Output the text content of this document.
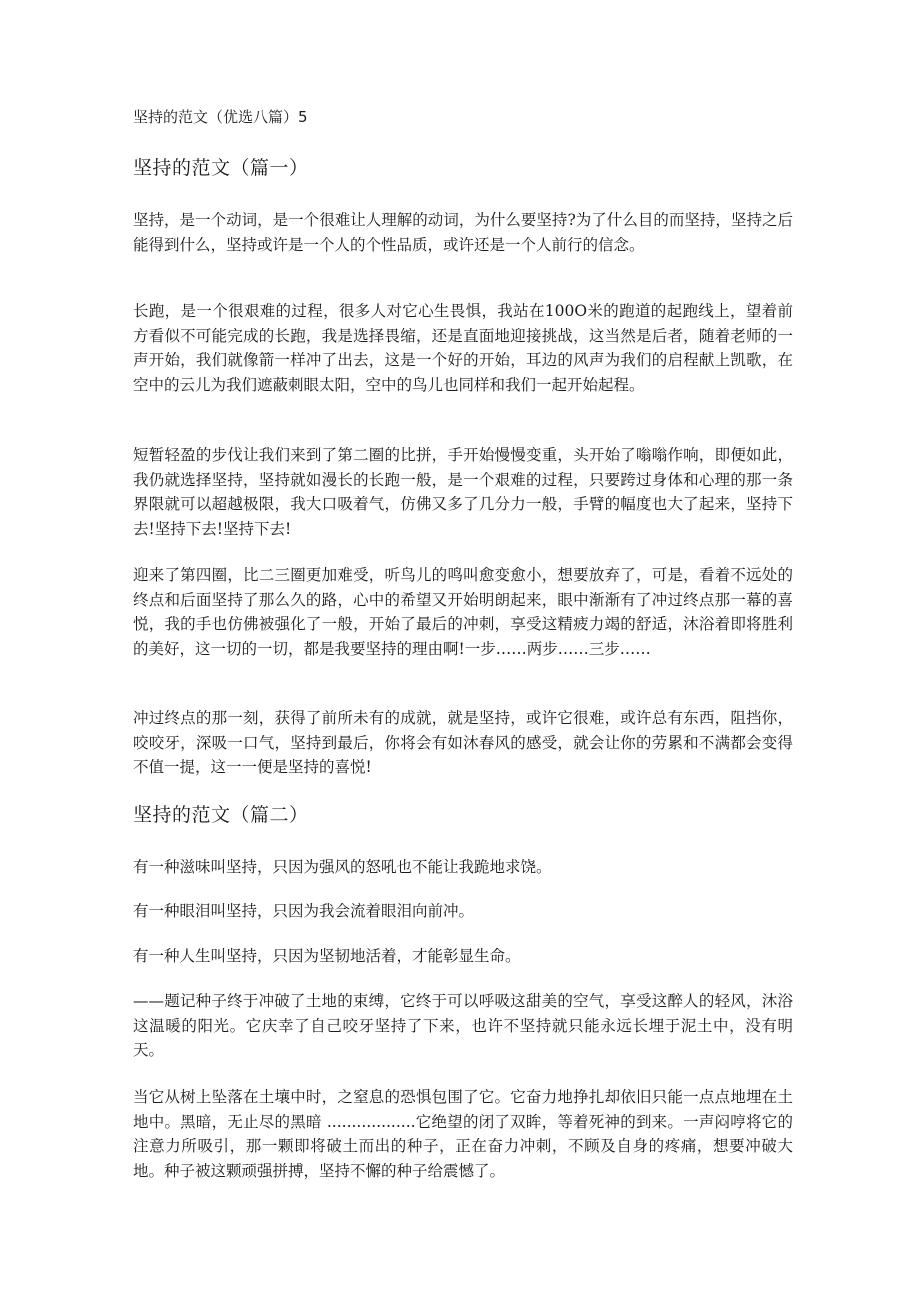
坚持的范文（优选八篇）5
坚持的范文（篇一）

坚持，是一个动词，是一个很难让人理解的动词，为什么要坚持?为了什么目的而坚持，坚持之后能得到什么，坚持或许是一个人的个性品质，或许还是一个人前行的信念。

长跑，是一个很艰难的过程，很多人对它心生畏惧，我站在100O米的跑道的起跑线上，望着前方看似不可能完成的长跑，我是选择畏缩，还是直面地迎接挑战，这当然是后者，随着老师的一声开始，我们就像箭一样冲了出去，这是一个好的开始，耳边的风声为我们的启程献上凯歌，在空中的云儿为我们遮蔽刺眼太阳，空中的鸟儿也同样和我们一起开始起程。

短暂轻盈的步伐让我们来到了第二圈的比拼，手开始慢慢变重，头开始了嗡嗡作响，即便如此，我仍就选择坚持，坚持就如漫长的长跑一般，是一个艰难的过程，只要跨过身体和心理的那一条界限就可以超越极限，我大口吸着气，仿佛又多了几分力一般，手臂的幅度也大了起来，坚持下去!坚持下去!坚持下去!

迎来了第四圈，比二三圈更加难受，听鸟儿的鸣叫愈变愈小，想要放弃了，可是，看着不远处的终点和后面坚持了那么久的路，心中的希望又开始明朗起来，眼中渐渐有了冲过终点那一幕的喜悦，我的手也仿佛被强化了一般，开始了最后的冲刺，享受这精疲力竭的舒适，沐浴着即将胜利的美好，这一切的一切，都是我要坚持的理由啊!一步……两步……三步……

冲过终点的那一刻，获得了前所未有的成就，就是坚持，或许它很难，或许总有东西，阻挡你，咬咬牙，深吸一口气，坚持到最后，你将会有如沐春风的感受，就会让你的劳累和不满都会变得不值一提，这一一便是坚持的喜悦!

坚持的范文（篇二）

有一种滋味叫坚持，只因为强风的怒吼也不能让我跪地求饶。

有一种眼泪叫坚持，只因为我会流着眼泪向前冲。

有一种人生叫坚持，只因为坚韧地活着，才能彰显生命。

——题记种子终于冲破了土地的束缚，它终于可以呼吸这甜美的空气，享受这醉人的轻风，沐浴这温暖的阳光。它庆幸了自己咬牙坚持了下来，也许不坚持就只能永远长埋于泥土中，没有明天。

当它从树上坠落在土壤中时，之窒息的恐惧包围了它。它奋力地挣扎却依旧只能一点点地埋在土地中。黑暗，无止尽的黑暗 ..................它绝望的闭了双眸，等着死神的到来。一声闷哼将它的注意力所吸引，那一颗即将破土而出的种子，正在奋力冲刺，不顾及自身的疼痛，想要冲破大地。种子被这颗顽强拼搏，坚持不懈的种子给震憾了。
